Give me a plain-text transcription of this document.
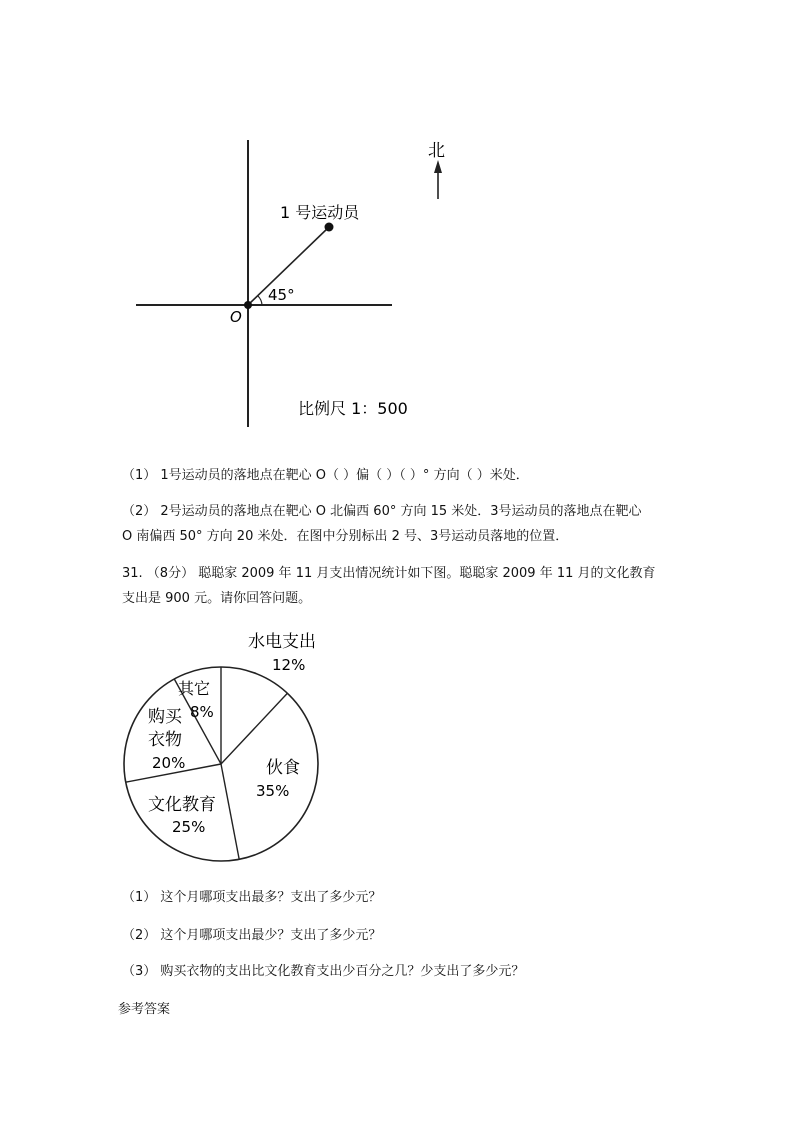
北
1 号运动员
45°
O
比例尺 1：500
（1） 1号运动员的落地点在靶心 O（ ）偏（ ）（ ）° 方向（ ）米处．
（2） 2号运动员的落地点在靶心 O 北偏西 60° 方向 15 米处．3号运动员的落地点在靶心
O 南偏西 50° 方向 20 米处．在图中分别标出 2 号、3号运动员落地的位置．
31. （8分） 聪聪家 2009 年 11 月支出情况统计如下图。聪聪家 2009 年 11 月的文化教育
支出是 900 元。请你回答问题。
水电支出
12%
伙食
35%
文化教育
25%
购买
衣物
20%
其它
8%
（1） 这个月哪项支出最多？支出了多少元？
（2） 这个月哪项支出最少？支出了多少元？
（3） 购买衣物的支出比文化教育支出少百分之几？少支出了多少元？
参考答案
